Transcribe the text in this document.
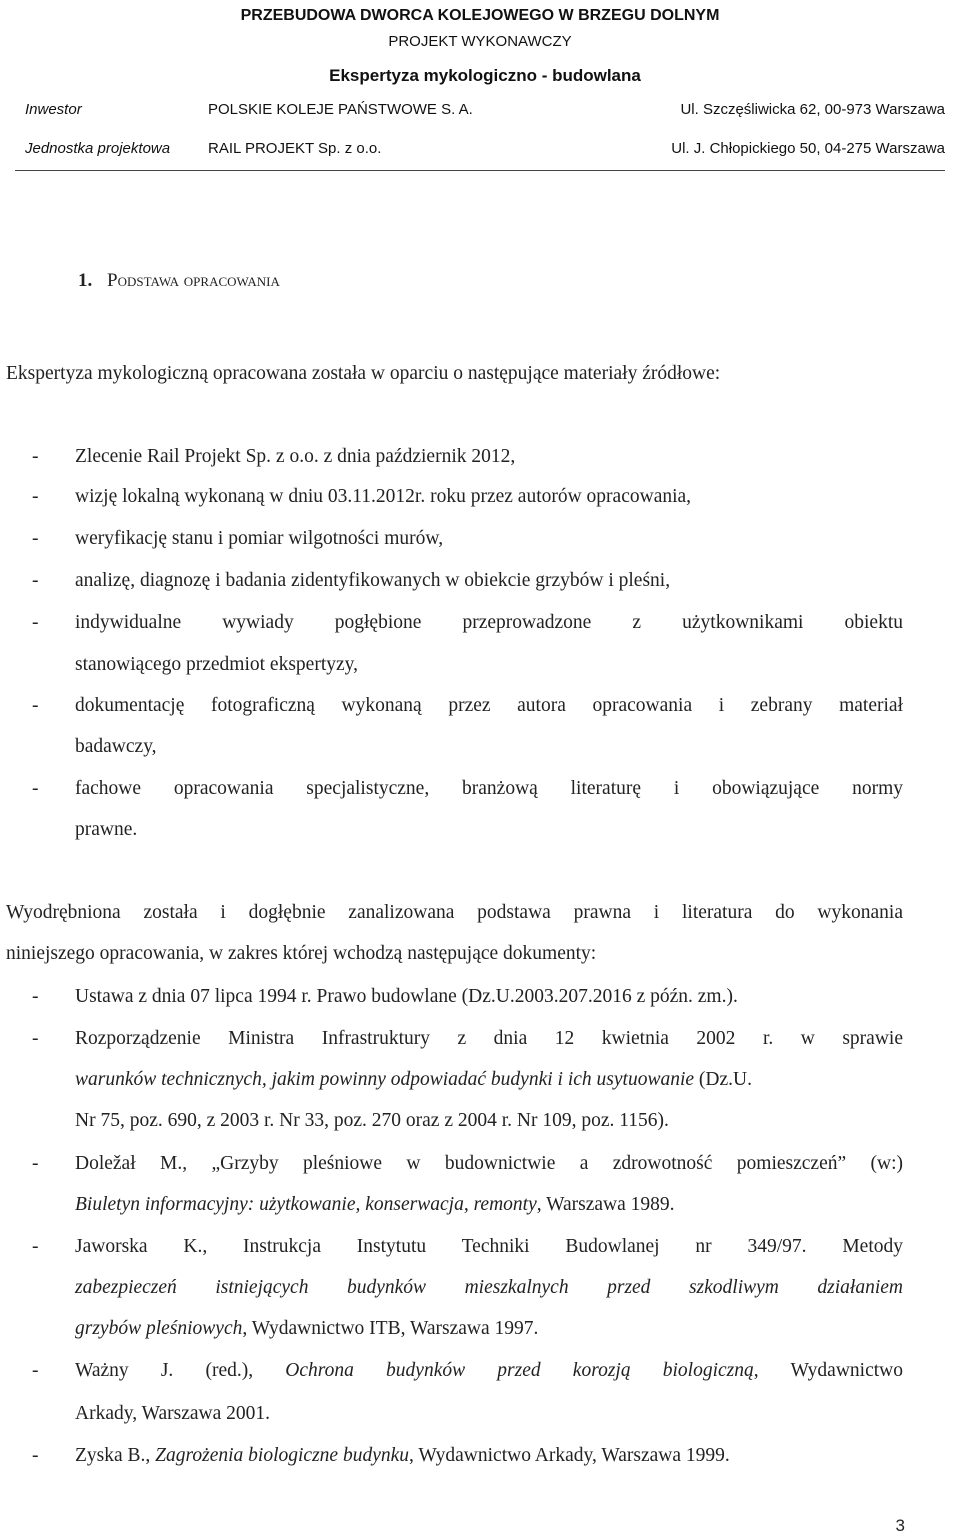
PRZEBUDOWA DWORCA KOLEJOWEGO W BRZEGU DOLNYM
PROJEKT WYKONAWCZY
Ekspertyza mykologiczno - budowlana
Inwestor	POLSKIE KOLEJE PAŃSTWOWE S. A.	Ul. Szczęśliwicka 62, 00-973 Warszawa
Jednostka projektowa	RAIL PROJEKT Sp. z o.o.	Ul. J. Chłopickiego 50, 04-275 Warszawa
1. Podstawa opracowania
Ekspertyza mykologiczną opracowana została w oparciu o następujące materiały źródłowe:
- Zlecenie Rail Projekt Sp. z o.o. z dnia październik 2012,
- wizję lokalną wykonaną w dniu 03.11.2012r. roku przez autorów opracowania,
- weryfikację stanu i pomiar wilgotności murów,
- analizę, diagnozę i badania zidentyfikowanych w obiekcie grzybów i pleśni,
- indywidualne wywiady pogłębione przeprowadzone z użytkownikami obiektu
stanowiącego przedmiot ekspertyzy,
- dokumentację fotograficzną wykonaną przez autora opracowania i zebrany materiał
badawczy,
- fachowe opracowania specjalistyczne, branżową literaturę i obowiązujące normy
prawne.
Wyodrębniona została i dogłębnie zanalizowana podstawa prawna i literatura do wykonania
niniejszego opracowania, w zakres której wchodzą następujące dokumenty:
- Ustawa z dnia 07 lipca 1994 r. Prawo budowlane (Dz.U.2003.207.2016 z późn. zm.).
- Rozporządzenie Ministra Infrastruktury z dnia 12 kwietnia 2002 r. w sprawie
warunków technicznych, jakim powinny odpowiadać budynki i ich usytuowanie (Dz.U.
Nr 75, poz. 690, z 2003 r. Nr 33, poz. 270 oraz z 2004 r. Nr 109, poz. 1156).
- Doležał M., „Grzyby pleśniowe w budownictwie a zdrowotność pomieszczeń” (w:)
Biuletyn informacyjny: użytkowanie, konserwacja, remonty, Warszawa 1989.
- Jaworska K., Instrukcja Instytutu Techniki Budowlanej nr 349/97. Metody
zabezpieczeń istniejących budynków mieszkalnych przed szkodliwym działaniem
grzybów pleśniowych, Wydawnictwo ITB, Warszawa 1997.
- Ważny J. (red.), Ochrona budynków przed korozją biologiczną, Wydawnictwo
Arkady, Warszawa 2001.
- Zyska B., Zagrożenia biologiczne budynku, Wydawnictwo Arkady, Warszawa 1999.
3
